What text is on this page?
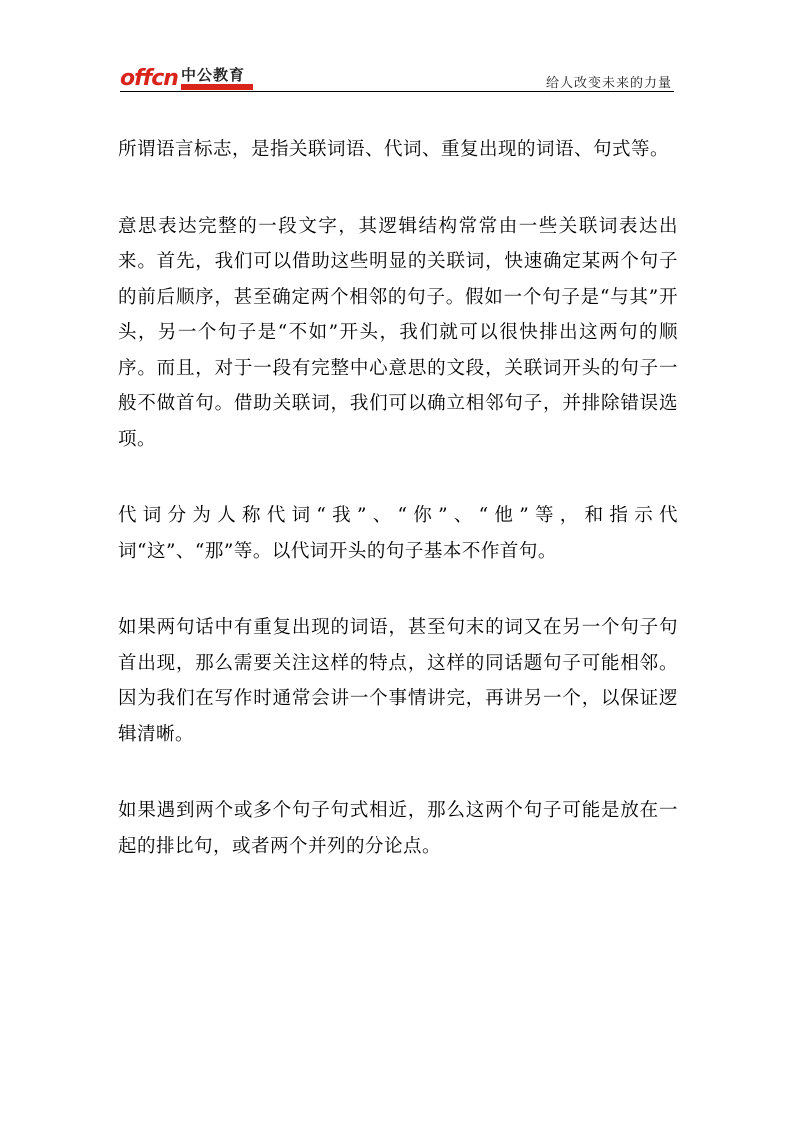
offcn 中公教育	给人改变未来的力量

所谓语言标志，是指关联词语、代词、重复出现的词语、句式等。

意思表达完整的一段文字，其逻辑结构常常由一些关联词表达出来。首先，我们可以借助这些明显的关联词，快速确定某两个句子的前后顺序，甚至确定两个相邻的句子。假如一个句子是“与其”开头，另一个句子是“不如”开头，我们就可以很快排出这两句的顺序。而且，对于一段有完整中心意思的文段，关联词开头的句子一般不做首句。借助关联词，我们可以确立相邻句子，并排除错误选项。

代词分为人称代词“我”、“你”、“他”等，和指示代词“这”、“那”等。以代词开头的句子基本不作首句。

如果两句话中有重复出现的词语，甚至句末的词又在另一个句子句首出现，那么需要关注这样的特点，这样的同话题句子可能相邻。因为我们在写作时通常会讲一个事情讲完，再讲另一个，以保证逻辑清晰。

如果遇到两个或多个句子句式相近，那么这两个句子可能是放在一起的排比句，或者两个并列的分论点。
